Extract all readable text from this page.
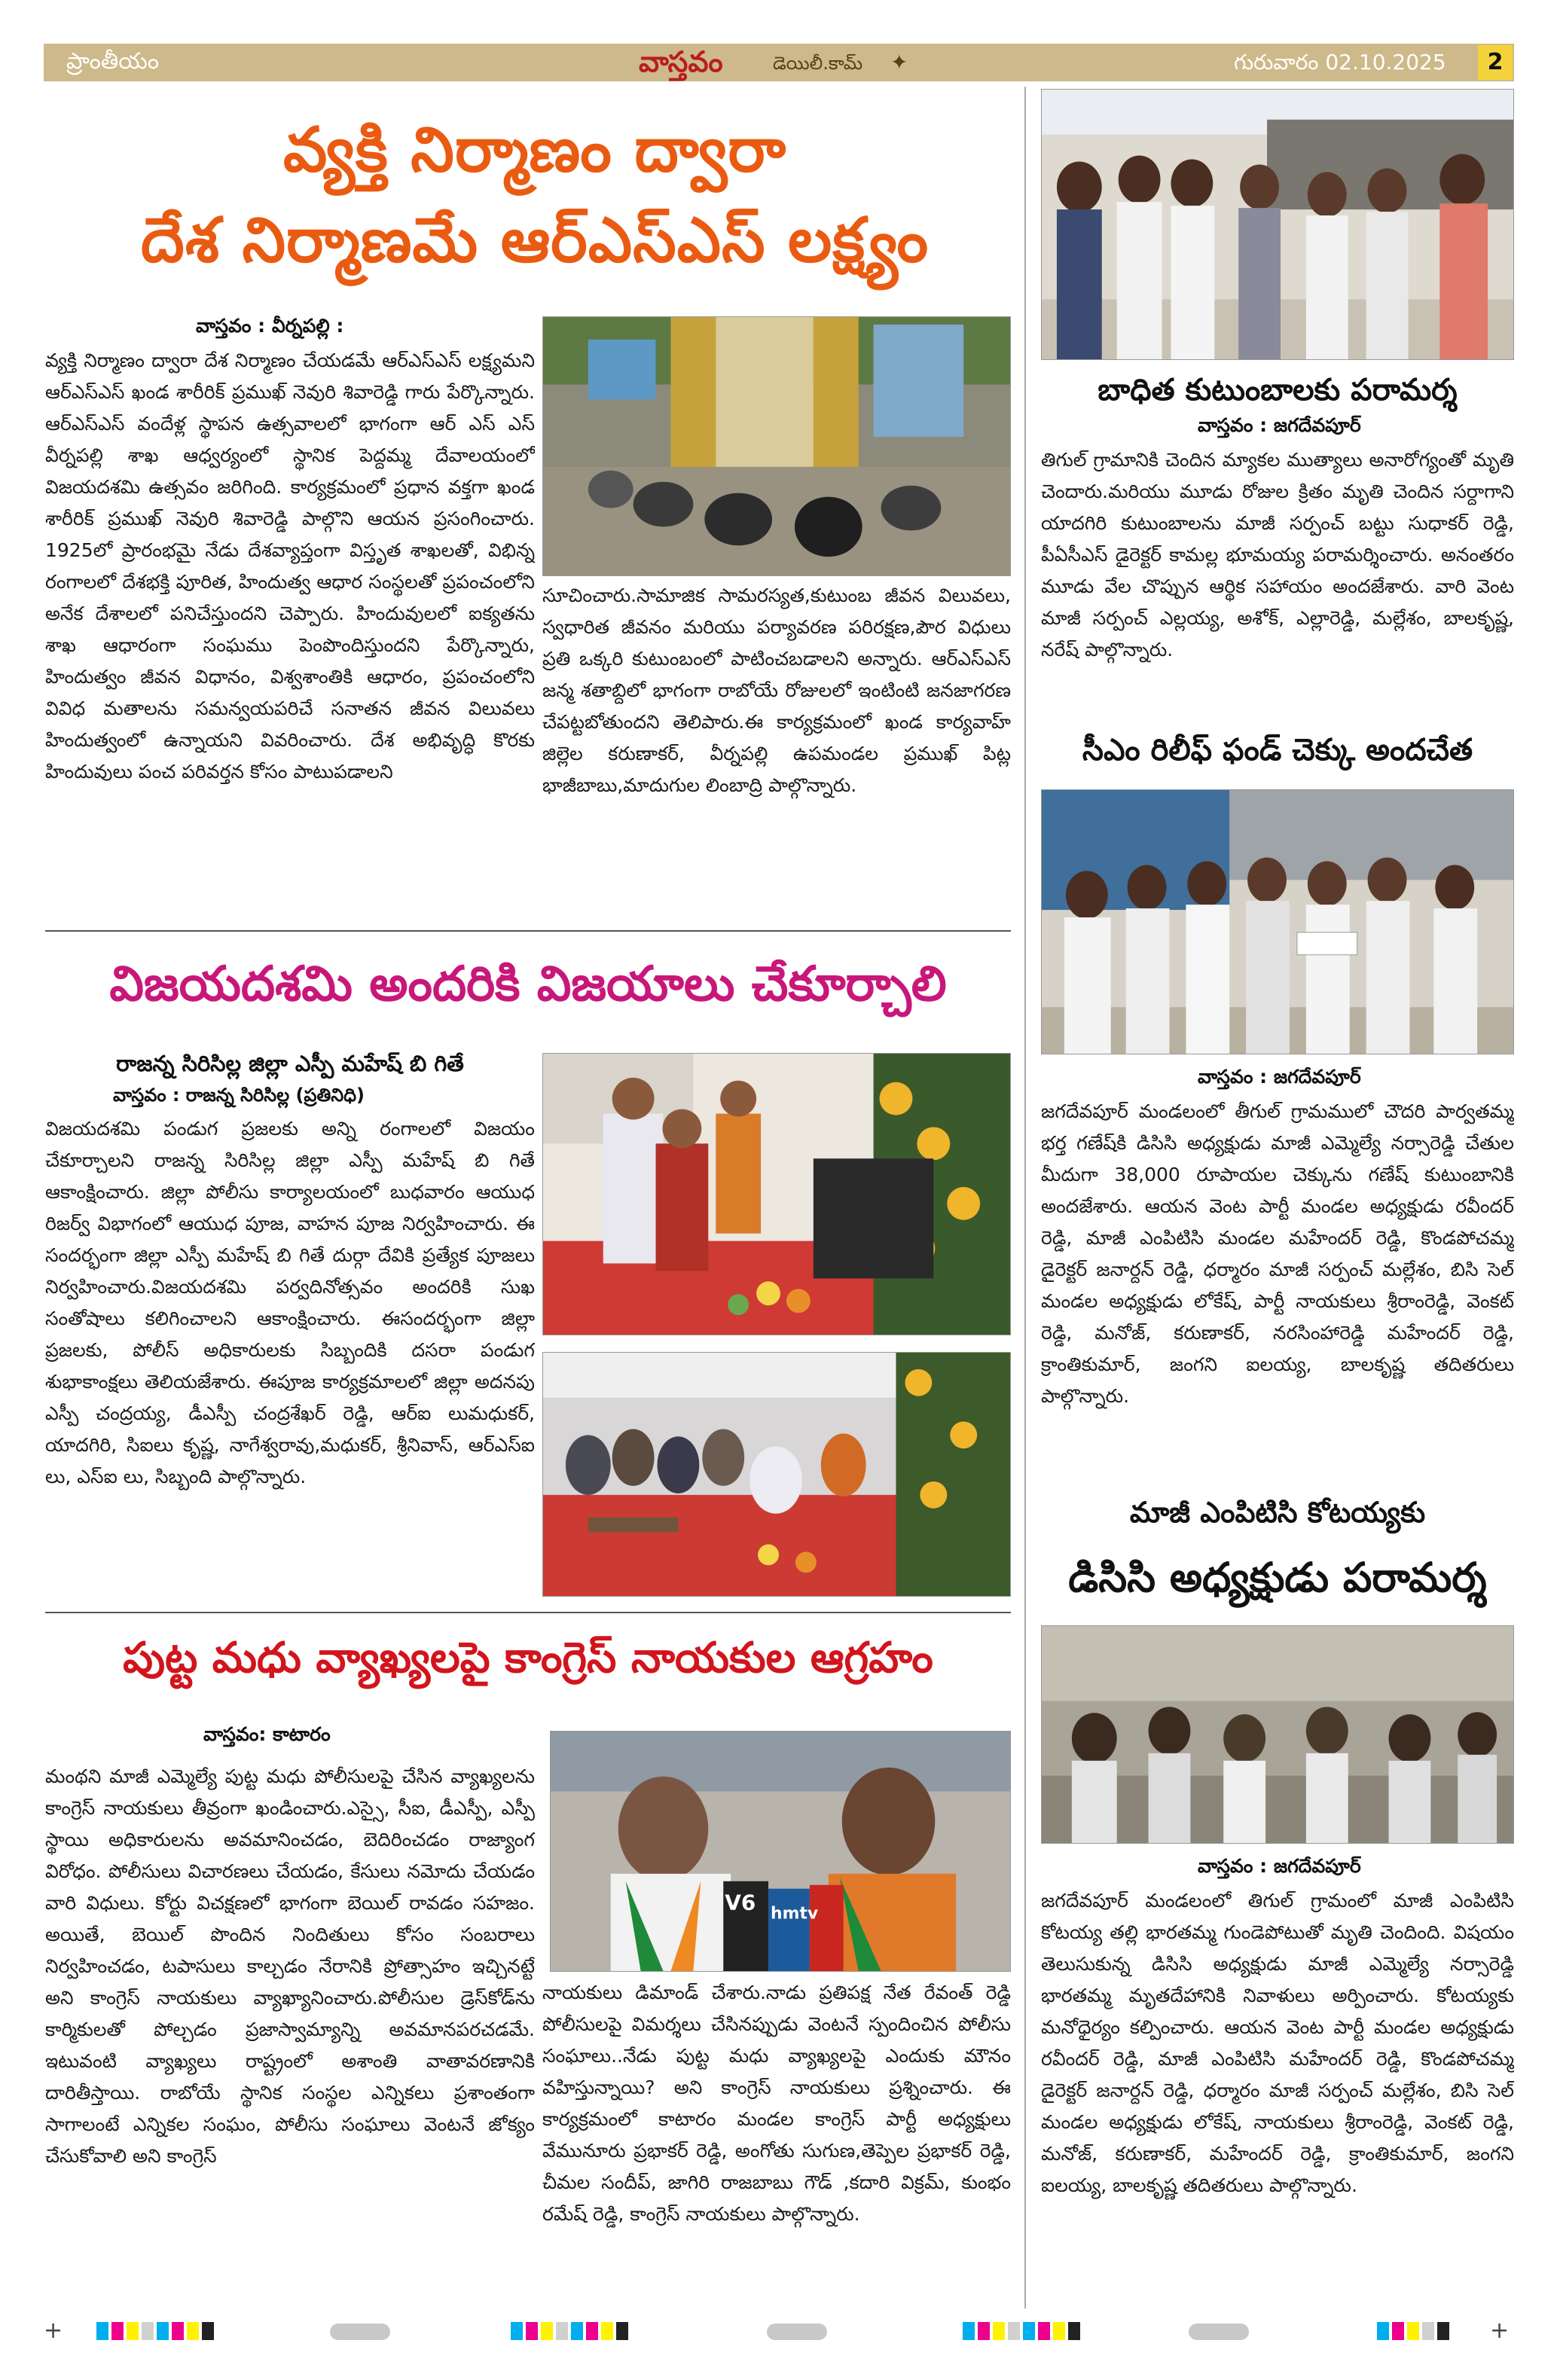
ప్రాంతీయం	వాస్తవం	డెయిలీ.కామ్ ✦	గురువారం 02.10.2025	2
వ్యక్తి నిర్మాణం ద్వారా
దేశ నిర్మాణమే ఆర్ఎస్ఎస్ లక్ష్యం
వాస్తవం : వీర్నపల్లి :
వ్యక్తి నిర్మాణం ద్వారా దేశ నిర్మాణం చేయడమే ఆర్ఎస్ఎస్ లక్ష్యమని ఆర్ఎస్ఎస్ ఖండ శారీరిక్ ప్రముఖ్ నెవురి శివారెడ్డి గారు పేర్కొన్నారు. ఆర్ఎస్ఎస్ వందేళ్ల స్థాపన ఉత్సవాలలో భాగంగా ఆర్ ఎస్ ఎస్ వీర్నపల్లి శాఖ ఆధ్వర్యంలో స్థానిక పెద్దమ్మ దేవాలయంలో విజయదశమి ఉత్సవం జరిగింది. కార్యక్రమంలో ప్రధాన వక్తగా ఖండ శారీరిక్ ప్రముఖ్ నెవురి శివారెడ్డి పాల్గొని ఆయన ప్రసంగించారు. 1925లో ప్రారంభమై నేడు దేశవ్యాప్తంగా విస్తృత శాఖలతో, విభిన్న రంగాలలో దేశభక్తి పూరిత, హిందుత్వ ఆధార సంస్థలతో ప్రపంచంలోని అనేక దేశాలలో పనిచేస్తుందని చెప్పారు. హిందువులలో ఐక్యతను శాఖ ఆధారంగా సంఘము పెంపొందిస్తుందని పేర్కొన్నారు, హిందుత్వం జీవన విధానం, విశ్వశాంతికి ఆధారం, ప్రపంచంలోని వివిధ మతాలను సమన్వయపరిచే సనాతన జీవన విలువలు హిందుత్వంలో ఉన్నాయని వివరించారు. దేశ అభివృద్ధి కొరకు హిందువులు పంచ పరివర్తన కోసం పాటుపడాలని
సూచించారు.సామాజిక సామరస్యత,కుటుంబ జీవన విలువలు, స్వధారిత జీవనం మరియు పర్యావరణ పరిరక్షణ,పౌర విధులు ప్రతి ఒక్కరి కుటుంబంలో పాటించబడాలని అన్నారు. ఆర్ఎస్ఎస్ జన్మ శతాబ్దిలో భాగంగా రాబోయే రోజులలో ఇంటింటి జనజాగరణ చేపట్టబోతుందని తెలిపారు.ఈ కార్యక్రమంలో ఖండ కార్యవాహ్ జిల్లెల కరుణాకర్, వీర్నపల్లి ఉపమండల ప్రముఖ్ పిట్ల భాజీబాబు,మాదుగుల లింబాద్రి పాల్గొన్నారు.
విజయదశమి అందరికి విజయాలు చేకూర్చాలి
రాజన్న సిరిసిల్ల జిల్లా ఎస్పీ మహేష్ బి గితే
వాస్తవం : రాజన్న సిరిసిల్ల (ప్రతినిధి)
విజయదశమి పండుగ ప్రజలకు అన్ని రంగాలలో విజయం చేకూర్చాలని రాజన్న సిరిసిల్ల జిల్లా ఎస్పీ మహేష్ బి గితే ఆకాంక్షించారు. జిల్లా పోలీసు కార్యాలయంలో బుధవారం ఆయుధ రిజర్వ్ విభాగంలో ఆయుధ పూజ, వాహన పూజ నిర్వహించారు. ఈ సందర్భంగా జిల్లా ఎస్పీ మహేష్ బి గితే దుర్గా దేవికి ప్రత్యేక పూజలు నిర్వహించారు.విజయదశమి పర్వదినోత్సవం అందరికి సుఖ సంతోషాలు కలిగించాలని ఆకాంక్షించారు. ఈసందర్భంగా జిల్లా ప్రజలకు, పోలీస్ అధికారులకు సిబ్బందికి దసరా పండుగ శుభాకాంక్షలు తెలియజేశారు. ఈపూజ కార్యక్రమాలలో జిల్లా అదనపు ఎస్పీ చంద్రయ్య, డీఎస్పీ చంద్రశేఖర్ రెడ్డి, ఆర్ఐ లుమధుకర్, యాదగిరి, సిఐలు కృష్ణ, నాగేశ్వరావు,మధుకర్, శ్రీనివాస్, ఆర్ఎస్ఐ లు, ఎస్ఐ లు, సిబ్బంది పాల్గొన్నారు.
పుట్ట మధు వ్యాఖ్యలపై కాంగ్రెస్ నాయకుల ఆగ్రహం
వాస్తవం: కాటారం
మంథని మాజీ ఎమ్మెల్యే పుట్ట మధు పోలీసులపై చేసిన వ్యాఖ్యలను కాంగ్రెస్ నాయకులు తీవ్రంగా ఖండించారు.ఎస్సై, సీఐ, డీఎస్పీ, ఎస్పీ స్థాయి అధికారులను అవమానించడం, బెదిరించడం రాజ్యాంగ విరోధం. పోలీసులు విచారణలు చేయడం, కేసులు నమోదు చేయడం వారి విధులు. కోర్టు విచక్షణలో భాగంగా బెయిల్ రావడం సహజం. అయితే, బెయిల్ పొందిన నిందితులు కోసం సంబరాలు నిర్వహించడం, టపాసులు కాల్చడం నేరానికి ప్రోత్సాహం ఇచ్చినట్టే అని కాంగ్రెస్ నాయకులు వ్యాఖ్యానించారు.పోలీసుల డ్రెస్‌కోడ్‌ను కార్మికులతో పోల్చడం ప్రజాస్వామ్యాన్ని అవమానపరచడమే. ఇటువంటి వ్యాఖ్యలు రాష్ట్రంలో అశాంతి వాతావరణానికి దారితీస్తాయి. రాబోయే స్థానిక సంస్థల ఎన్నికలు ప్రశాంతంగా సాగాలంటే ఎన్నికల సంఘం, పోలీసు సంఘాలు వెంటనే జోక్యం చేసుకోవాలి అని కాంగ్రెస్
V6 hmtv
నాయకులు డిమాండ్ చేశారు.నాడు ప్రతిపక్ష నేత రేవంత్ రెడ్డి పోలీసులపై విమర్శలు చేసినప్పుడు వెంటనే స్పందించిన పోలీసు సంఘాలు..నేడు పుట్ట మధు వ్యాఖ్యలపై ఎందుకు మౌనం వహిస్తున్నాయి? అని కాంగ్రెస్ నాయకులు ప్రశ్నించారు. ఈ కార్యక్రమంలో కాటారం మండల కాంగ్రెస్ పార్టీ అధ్యక్షులు వేమునూరు ప్రభాకర్ రెడ్డి, అంగోతు సుగుణ,తెప్పెల ప్రభాకర్ రెడ్డి, చీమల సందీప్, జాగిరి రాజబాబు గౌడ్ ,కదారి విక్రమ్, కుంభం రమేష్ రెడ్డి, కాంగ్రెస్ నాయకులు పాల్గొన్నారు.
బాధిత కుటుంబాలకు పరామర్శ
వాస్తవం : జగదేవపూర్
తిగుల్ గ్రామానికి చెందిన మ్యాకల ముత్యాలు అనారోగ్యంతో మృతి చెందారు.మరియు మూడు రోజుల క్రితం మృతి చెందిన సర్దాగాని యాదగిరి కుటుంబాలను మాజీ సర్పంచ్ బట్టు సుధాకర్ రెడ్డి, పీఏసీఎస్ డైరెక్టర్ కామల్ల భూమయ్య పరామర్శించారు. అనంతరం మూడు వేల చొప్పున ఆర్థిక సహాయం అందజేశారు. వారి వెంట మాజీ సర్పంచ్ ఎల్లయ్య, అశోక్, ఎల్లారెడ్డి, మల్లేశం, బాలకృష్ణ, నరేష్ పాల్గొన్నారు.
సీఎం రిలీఫ్ ఫండ్ చెక్కు అందచేత
వాస్తవం : జగదేవపూర్
జగదేవపూర్ మండలంలో తీగుల్ గ్రామములో చౌదరి పార్వతమ్మ భర్త గణేష్‌కి డిసిసి అధ్యక్షుడు మాజీ ఎమ్మెల్యే నర్సారెడ్డి చేతుల మీదుగా 38,000 రూపాయల చెక్కును గణేష్ కుటుంబానికి అందజేశారు. ఆయన వెంట పార్టీ మండల అధ్యక్షుడు రవీందర్ రెడ్డి, మాజీ ఎంపిటిసి మండల మహేందర్ రెడ్డి, కొండపోచమ్మ డైరెక్టర్ జనార్దన్ రెడ్డి, ధర్మారం మాజీ సర్పంచ్ మల్లేశం, బిసి సెల్ మండల అధ్యక్షుడు లోకేష్, పార్టీ నాయకులు శ్రీరాంరెడ్డి, వెంకట్ రెడ్డి, మనోజ్, కరుణాకర్, నరసింహారెడ్డి మహేందర్ రెడ్డి, క్రాంతికుమార్, జంగని ఐలయ్య, బాలకృష్ణ తదితరులు పాల్గొన్నారు.
మాజీ ఎంపిటిసి కోటయ్యకు
డిసిసి అధ్యక్షుడు పరామర్శ
వాస్తవం : జగదేవపూర్
జగదేవపూర్ మండలంలో తిగుల్ గ్రామంలో మాజీ ఎంపిటిసి కోటయ్య తల్లి భారతమ్మ గుండెపోటుతో మృతి చెందింది. విషయం తెలుసుకున్న డిసిసి అధ్యక్షుడు మాజీ ఎమ్మెల్యే నర్సారెడ్డి భారతమ్మ మృతదేహానికి నివాళులు అర్పించారు. కోటయ్యకు మనోధైర్యం కల్పించారు. ఆయన వెంట పార్టీ మండల అధ్యక్షుడు రవీందర్ రెడ్డి, మాజీ ఎంపిటిసి మహేందర్ రెడ్డి, కొండపోచమ్మ డైరెక్టర్ జనార్దన్ రెడ్డి, ధర్మారం మాజీ సర్పంచ్ మల్లేశం, బిసి సెల్ మండల అధ్యక్షుడు లోకేష్, నాయకులు శ్రీరాంరెడ్డి, వెంకట్ రెడ్డి, మనోజ్, కరుణాకర్, మహేందర్ రెడ్డి, క్రాంతికుమార్, జంగని ఐలయ్య, బాలకృష్ణ తదితరులు పాల్గొన్నారు.
+	+
